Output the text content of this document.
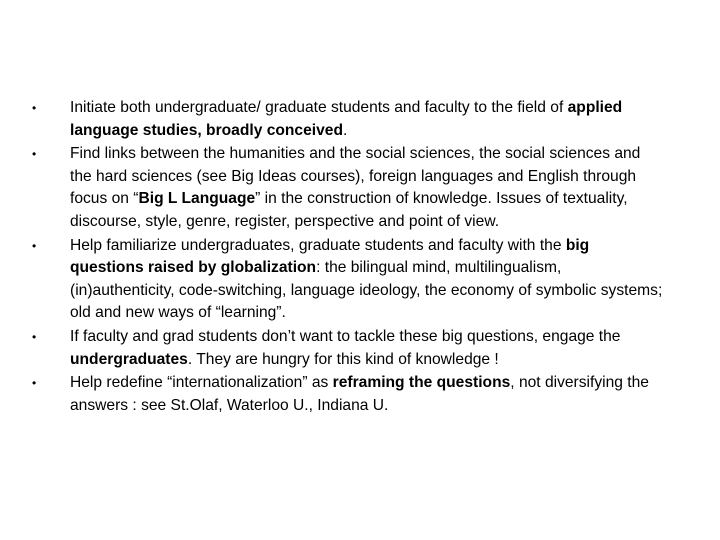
• Initiate both undergraduate/ graduate students and faculty to the field of applied language studies, broadly conceived.
• Find links between the humanities and the social sciences, the social sciences and the hard sciences (see Big Ideas courses), foreign languages and English through focus on “Big L Language” in the construction of knowledge. Issues of textuality, discourse, style, genre, register, perspective and point of view.
• Help familiarize undergraduates, graduate students and faculty with the big questions raised by globalization: the bilingual mind, multilingualism, (in)authenticity, code-switching, language ideology, the economy of symbolic systems; old and new ways of “learning”.
• If faculty and grad students don’t want to tackle these big questions, engage the undergraduates. They are hungry for this kind of knowledge !
• Help redefine “internationalization” as reframing the questions, not diversifying the answers : see St.Olaf, Waterloo U., Indiana U.
